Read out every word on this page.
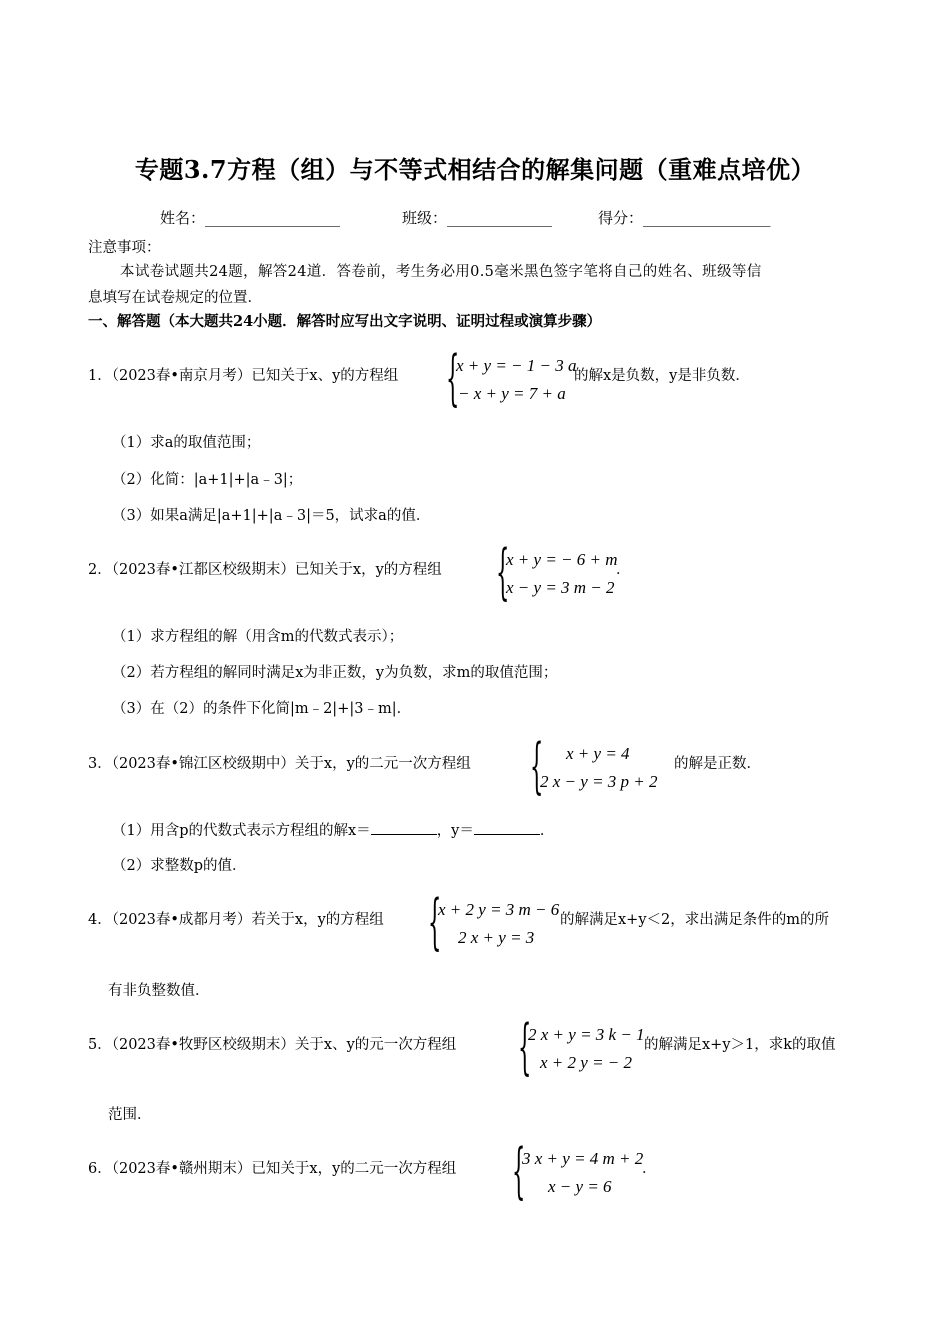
专题3.7方程（组）与不等式相结合的解集问题（重难点培优）
姓名：__________________	班级：______________	得分：_________________
注意事项：
本试卷试题共24题，解答24道．答卷前，考生务必用0.5毫米黑色签字笔将自己的姓名、班级等信
息填写在试卷规定的位置．
一、解答题（本大题共24小题．解答时应写出文字说明、证明过程或演算步骤）
1．（2023春•南京月考）已知关于x、y的方程组 {
x + y = − 1 − 3 a
− x + y = 7 + a
的解x是负数，y是非负数．
（1）求a的取值范围；
（2）化简：|a+1|+|a﹣3|；
（3）如果a满足|a+1|+|a﹣3|＝5，试求a的值．
2．（2023春•江都区校级期末）已知关于x，y的方程组 {
x + y = − 6 + m
x − y = 3 m − 2
．
（1）求方程组的解（用含m的代数式表示）；
（2）若方程组的解同时满足x为非正数，y为负数，求m的取值范围；
（3）在（2）的条件下化简|m﹣2|+|3﹣m|．
3．（2023春•锦江区校级期中）关于x，y的二元一次方程组 { x + y = 4
2 x − y = 3 p + 2
的解是正数．
（1）用含p的代数式表示方程组的解x＝	，y＝	．
（2）求整数p的值．
4．（2023春•成都月考）若关于x，y的方程组 {
x + 2 y = 3 m − 6
2 x + y = 3
的解满足x+y＜2，求出满足条件的m的所
有非负整数值．
5．（2023春•牧野区校级期末）关于x、y的元一次方程组 {
2 x + y = 3 k − 1
x + 2 y = − 2
的解满足x+y＞1，求k的取值
范围．
6．（2023春•赣州期末）已知关于x，y的二元一次方程组 {
3 x + y = 4 m + 2
x − y = 6
．
